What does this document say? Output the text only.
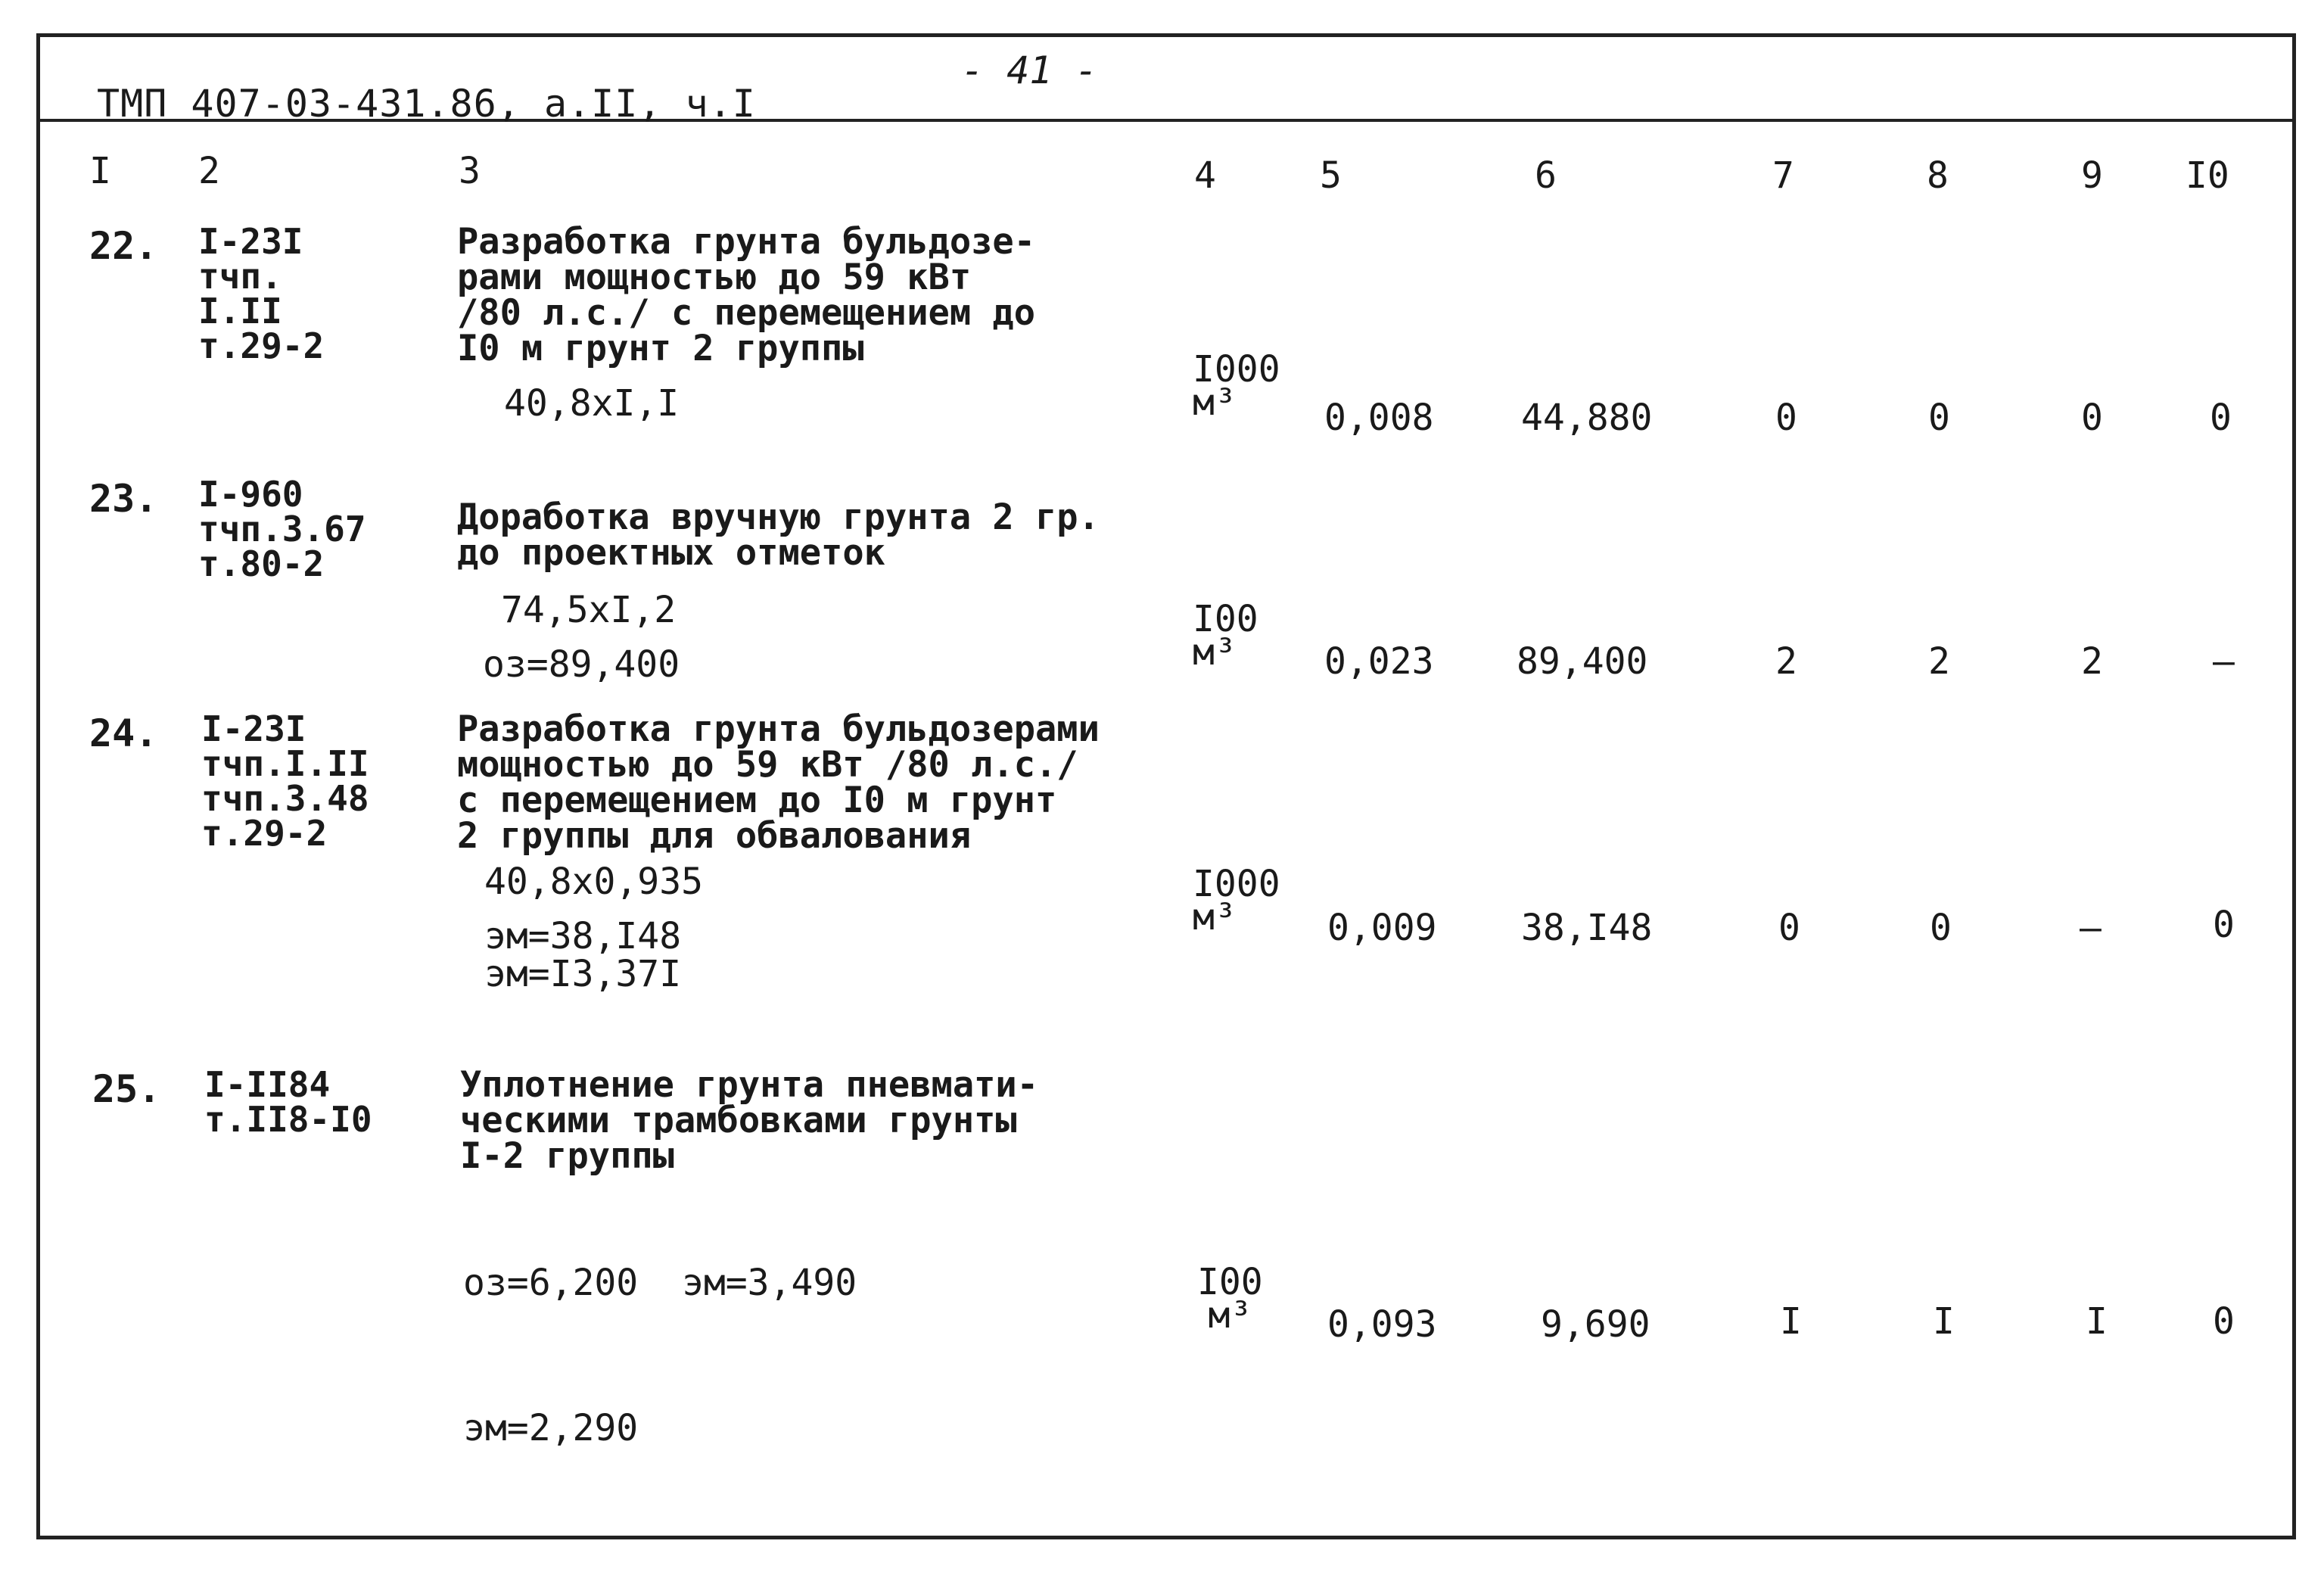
ТМП 407-03-431.86, а.II, ч.I
- 41 -
I 2	3	4	5	6	7	8	9 I0
22. I-23I
тчп.
I.II
т.29-2
Разработка грунта бульдозе-
рами мощностью до 59 кВт
/80 л.с./ с перемещением до
I0 м грунт 2 группы
40,8xI,I
I000
м³	0,008 44,880	0	0	0	0
23. I-960
тчп.3.67
т.80-2
Доработка вручную грунта 2 гр.
до проектных отметок
74,5xI,2
оз=89,400
I00
м³	0,023 89,400	2	2	2	–
24. I-23I
тчп.I.II
тчп.3.48
т.29-2
Разработка грунта бульдозерами
мощностью до 59 кВт /80 л.с./
с перемещением до I0 м грунт
2 группы для обвалования
40,8x0,935
эм=38,I48
эм=I3,37I
I000
м³	0,009 38,I48	0	0	–	0
25. I-II84
т.II8-I0
Уплотнение грунта пневмати-
ческими трамбовками грунты
I-2 группы

оз=6,200  эм=3,490

эм=2,290

I00
м³	0,093	9,690	I	I	I	0
